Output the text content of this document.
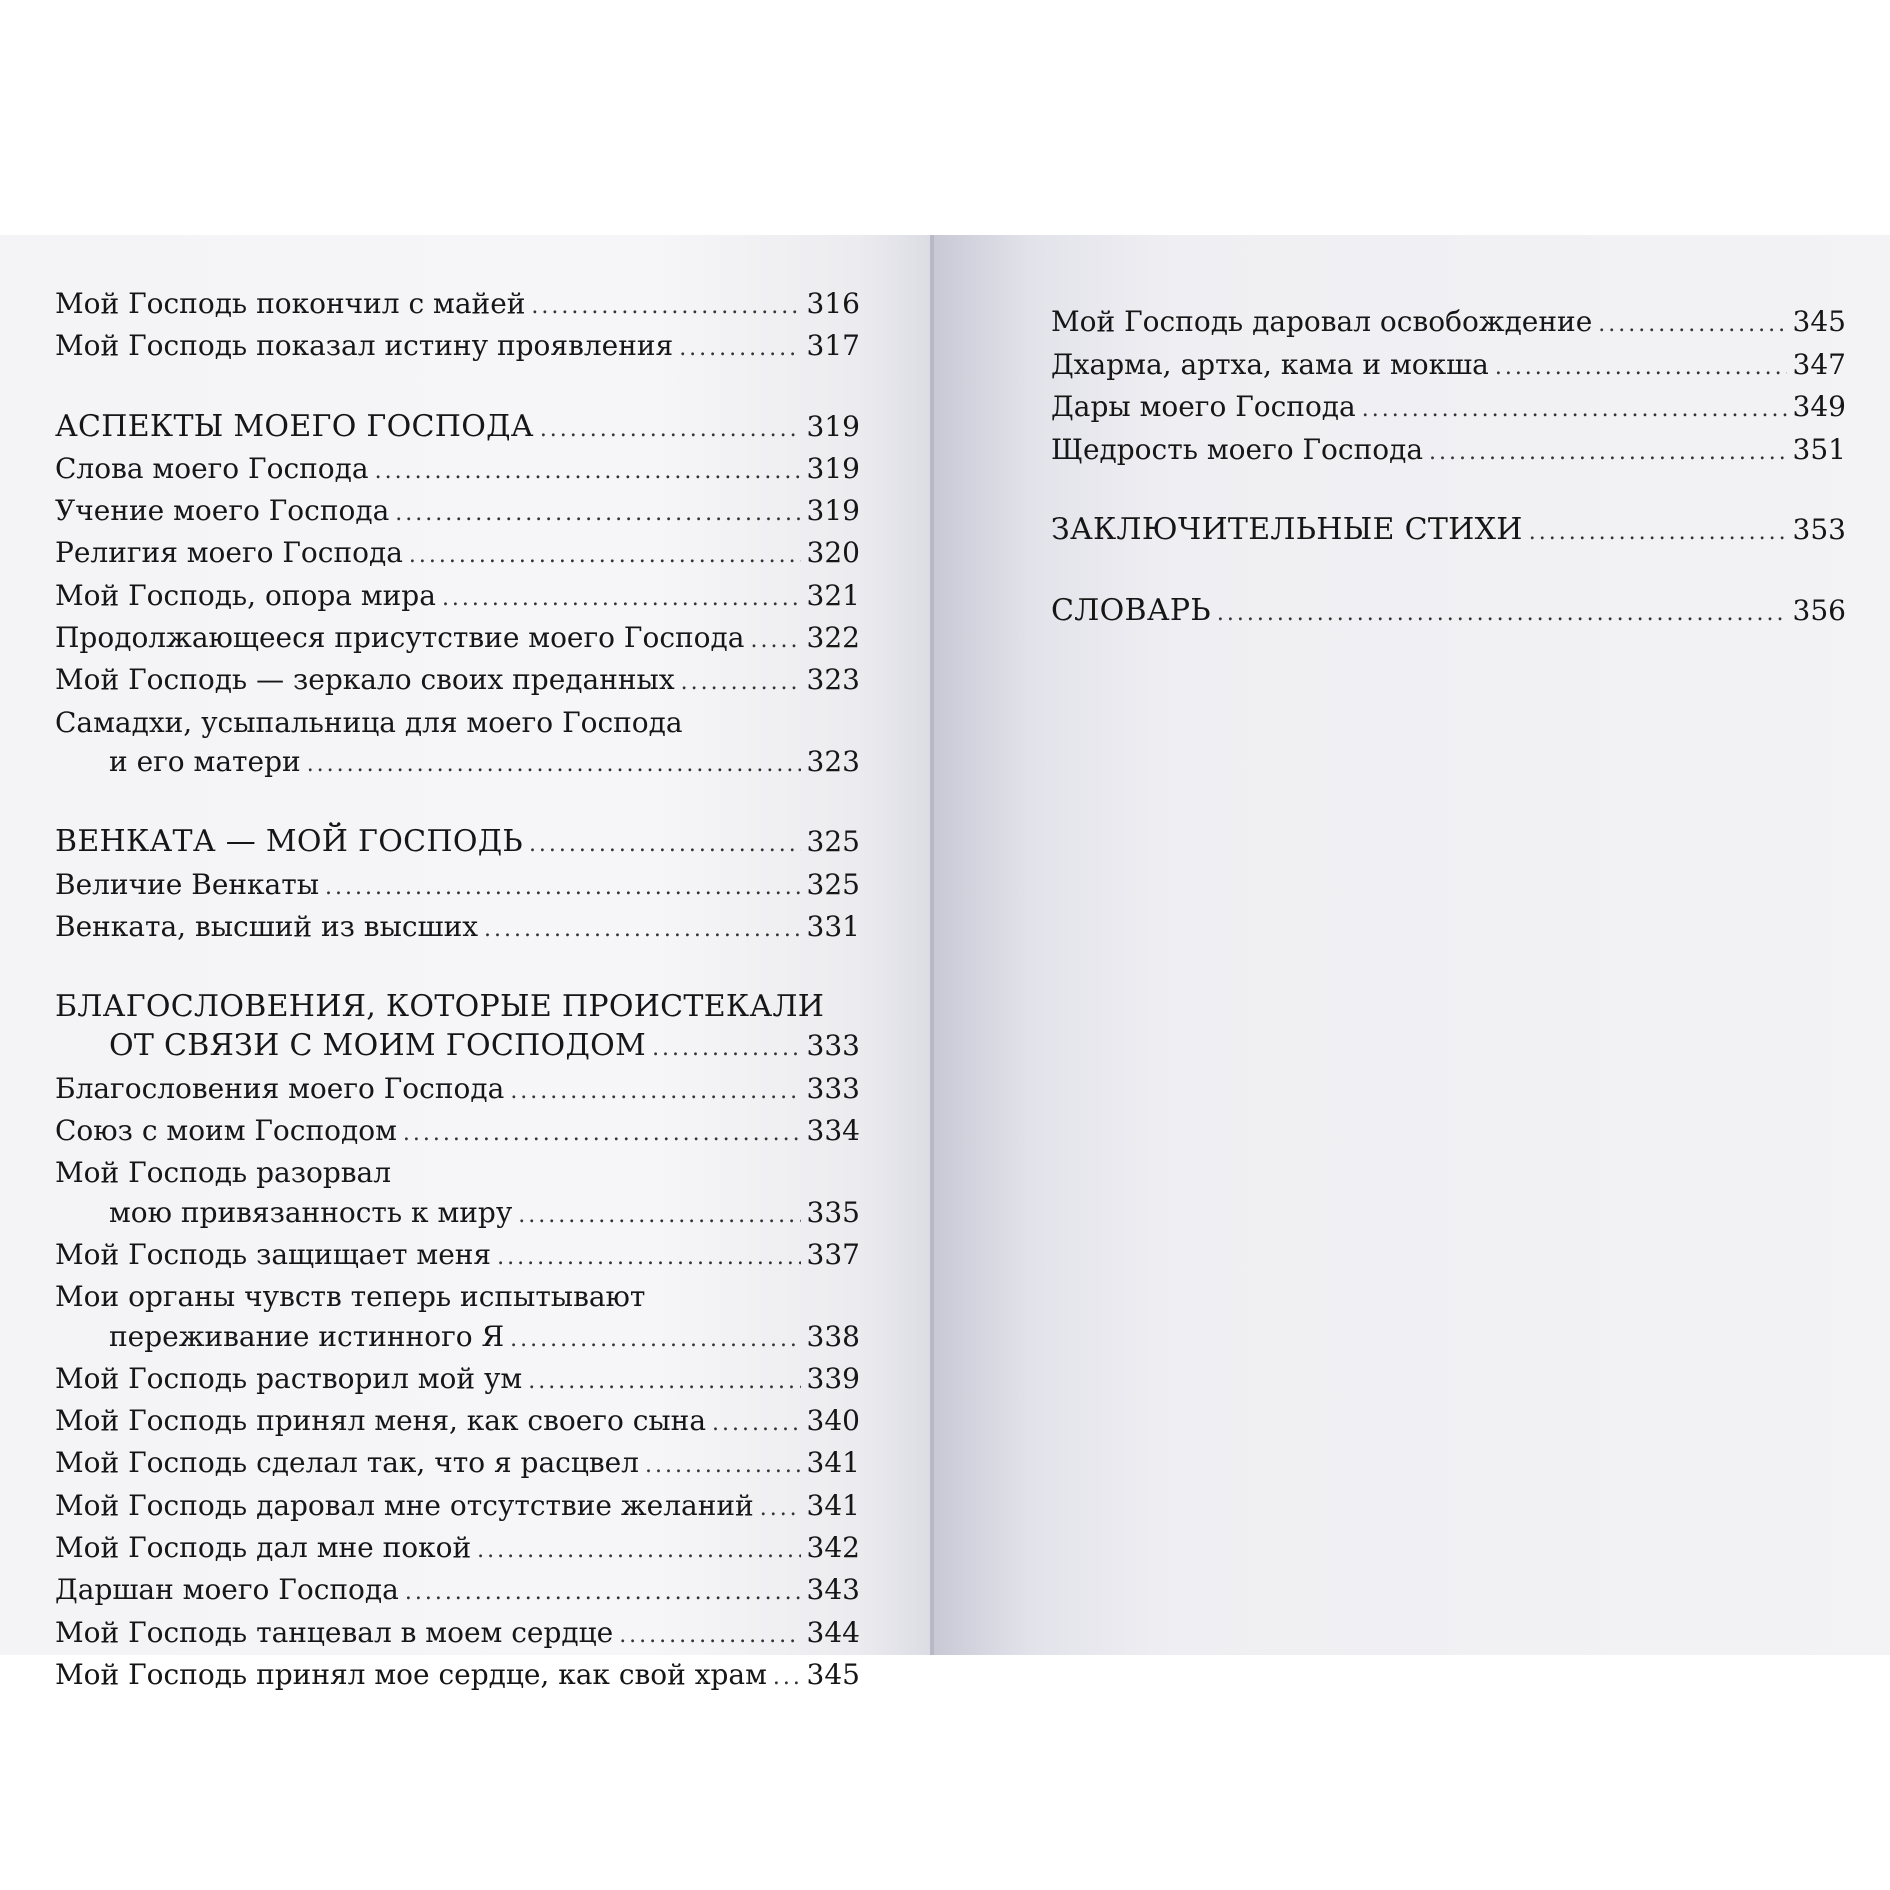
Мой Господь покончил с майей .....	316
Мой Господь показал истину проявления .....	317
АСПЕКТЫ МОЕГО ГОСПОДА .....	319
Слова моего Господа .....	319
Учение моего Господа .....	319
Религия моего Господа .....	320
Мой Господь, опора мира .....	321
Продолжающееся присутствие моего Господа ..... 322
Мой Господь — зеркало своих преданных .....	323
Самадхи, усыпальница для моего Господа
и его матери .....	323
ВЕНКАТА — МОЙ ГОСПОДЬ .....	325
Величие Венкаты .....	325
Венката, высший из высших .....	331
БЛАГОСЛОВЕНИЯ, КОТОРЫЕ ПРОИСТЕКАЛИ
ОТ СВЯЗИ С МОИМ ГОСПОДОМ .....	333
Благословения моего Господа .....	333
Союз с моим Господом .....	334
Мой Господь разорвал
мою привязанность к миру .....	335
Мой Господь защищает меня .....	337
Мои органы чувств теперь испытывают
переживание истинного Я .....	338
Мой Господь растворил мой ум .....	339
Мой Господь принял меня, как своего сына .....	340
Мой Господь сделал так, что я расцвел .....	341
Мой Господь даровал мне отсутствие желаний ..... 341
Мой Господь дал мне покой .....	342
Даршан моего Господа .....	343
Мой Господь танцевал в моем сердце .....	344
Мой Господь принял мое сердце, как свой храм ..... 345
Мой Господь даровал освобождение .....	345
Дхарма, артха, кама и мокша .....	347
Дары моего Господа .....	349
Щедрость моего Господа .....	351
ЗАКЛЮЧИТЕЛЬНЫЕ СТИХИ .....	353
СЛОВАРЬ .....	356
